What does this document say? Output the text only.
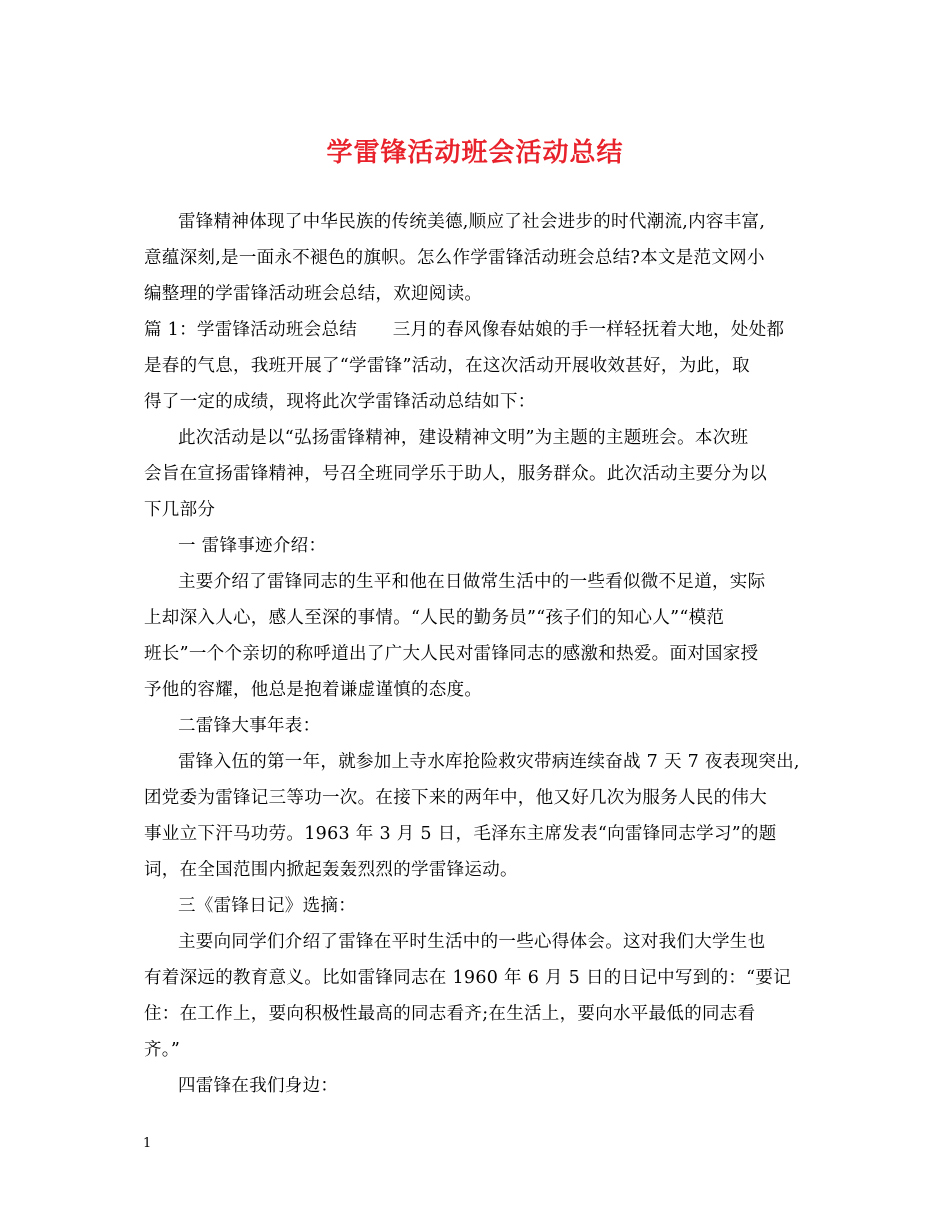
学雷锋活动班会活动总结
雷锋精神体现了中华民族的传统美德,顺应了社会进步的时代潮流,内容丰富,
意蕴深刻,是一面永不褪色的旗帜。怎么作学雷锋活动班会总结?本文是范文网小
编整理的学雷锋活动班会总结，欢迎阅读。
篇 1：学雷锋活动班会总结　　三月的春风像春姑娘的手一样轻抚着大地，处处都
是春的气息，我班开展了“学雷锋”活动，在这次活动开展收效甚好，为此，取
得了一定的成绩，现将此次学雷锋活动总结如下：
此次活动是以“弘扬雷锋精神，建设精神文明”为主题的主题班会。本次班
会旨在宣扬雷锋精神，号召全班同学乐于助人，服务群众。此次活动主要分为以
下几部分
一 雷锋事迹介绍：
主要介绍了雷锋同志的生平和他在日做常生活中的一些看似微不足道，实际
上却深入人心，感人至深的事情。“人民的勤务员”“孩子们的知心人”“模范
班长”一个个亲切的称呼道出了广大人民对雷锋同志的感激和热爱。面对国家授
予他的容耀，他总是抱着谦虚谨慎的态度。
二雷锋大事年表：
雷锋入伍的第一年，就参加上寺水库抢险救灾带病连续奋战 7 天 7 夜表现突出,
团党委为雷锋记三等功一次。在接下来的两年中，他又好几次为服务人民的伟大
事业立下汗马功劳。1963 年 3 月 5 日，毛泽东主席发表“向雷锋同志学习”的题
词，在全国范围内掀起轰轰烈烈的学雷锋运动。
三《雷锋日记》选摘：
主要向同学们介绍了雷锋在平时生活中的一些心得体会。这对我们大学生也
有着深远的教育意义。比如雷锋同志在 1960 年 6 月 5 日的日记中写到的：“要记
住：在工作上，要向积极性最高的同志看齐;在生活上，要向水平最低的同志看
齐。”
四雷锋在我们身边：
1
